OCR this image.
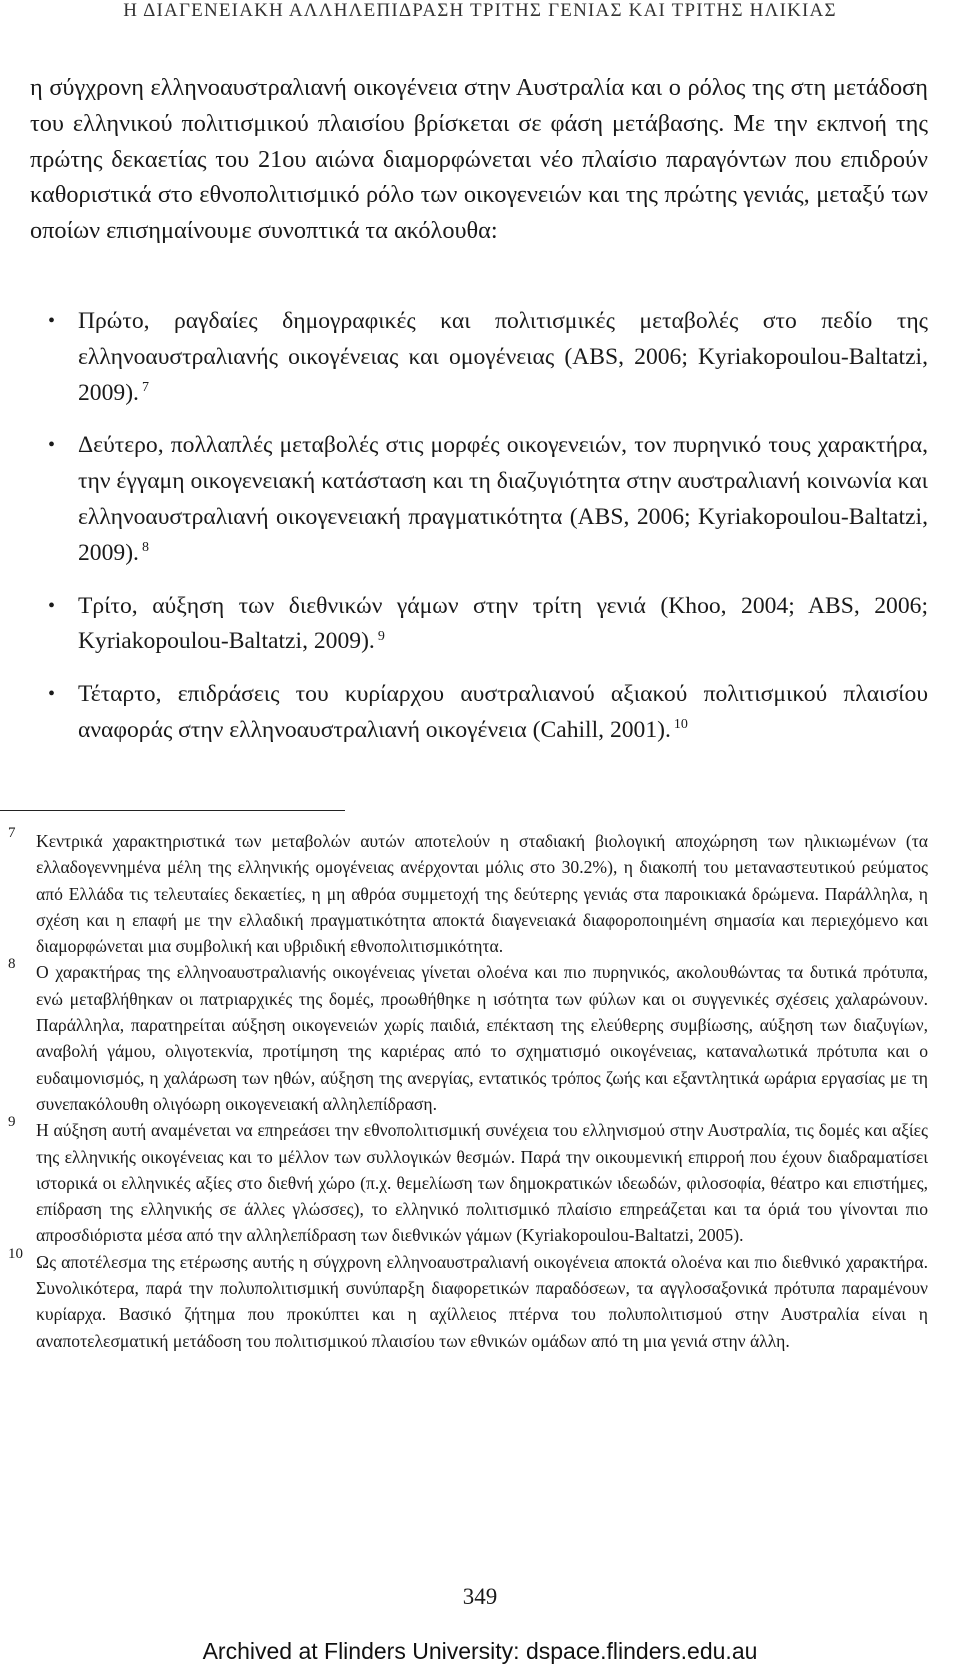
Η ΔΙΑΓΕΝΕΙΑΚΗ ΑΛΛΗΛΕΠΙΔΡΑΣΗ ΤΡΙΤΗΣ ΓΕΝΙΑΣ ΚΑΙ ΤΡΙΤΗΣ ΗΛΙΚΙΑΣ

η σύγχρονη ελληνοαυστραλιανή οικογένεια στην Αυστραλία και ο ρόλος της στη μετάδοση του ελληνικού πολιτισμικού πλαισίου βρίσκεται σε φάση μετάβασης. Με την εκπνοή της πρώτης δεκαετίας του 21ου αιώνα διαμορφώνεται νέο πλαίσιο παραγόντων που επιδρούν καθοριστικά στο εθνοπολιτισμικό ρόλο των οικογενειών και της πρώτης γενιάς, μεταξύ των οποίων επισημαίνουμε συνοπτικά τα ακόλουθα:

• Πρώτο, ραγδαίες δημογραφικές και πολιτισμικές μεταβολές στο πεδίο της ελληνοαυστραλιανής οικογένειας και ομογένειας (ABS, 2006; Kyriakopoulou-Baltatzi, 2009). $^7$
• Δεύτερο, πολλαπλές μεταβολές στις μορφές οικογενειών, τον πυρηνικό τους χαρακτήρα, την έγγαμη οικογενειακή κατάσταση και τη διαζυγιότητα στην αυστραλιανή κοινωνία και ελληνοαυστραλιανή οικογενειακή πραγματικότητα (ABS, 2006; Kyriakopoulou-Baltatzi, 2009). $^8$
• Τρίτο, αύξηση των διεθνικών γάμων στην τρίτη γενιά (Khoo, 2004; ABS, 2006; Kyriakopoulou-Baltatzi, 2009). $^9$
• Τέταρτο, επιδράσεις του κυρίαρχου αυστραλιανού αξιακού πολιτισμικού πλαισίου αναφοράς στην ελληνοαυστραλιανή οικογένεια (Cahill, 2001). $^{10}$
7 Κεντρικά χαρακτηριστικά των μεταβολών αυτών αποτελούν η σταδιακή βιολογική αποχώρηση των ηλικιωμένων (τα ελλαδογεννημένα μέλη της ελληνικής ομογένειας ανέρχονται μόλις στο 30.2%), η διακοπή του μεταναστευτικού ρεύματος από Ελλάδα τις τελευταίες δεκαετίες, η μη αθρόα συμμετοχή της δεύτερης γενιάς στα παροικιακά δρώμενα. Παράλληλα, η σχέση και η επαφή με την ελλαδική πραγματικότητα αποκτά διαγενειακά διαφοροποιημένη σημασία και περιεχόμενο και διαμορφώνεται μια συμβολική και υβριδική εθνοπολιτισμικότητα.
8 Ο χαρακτήρας της ελληνοαυστραλιανής οικογένειας γίνεται ολοένα και πιο πυρηνικός, ακολουθώντας τα δυτικά πρότυπα, ενώ μεταβλήθηκαν οι πατριαρχικές της δομές, προωθήθηκε η ισότητα των φύλων και οι συγγενικές σχέσεις χαλαρώνουν. Παράλληλα, παρατηρείται αύξηση οικογενειών χωρίς παιδιά, επέκταση της ελεύθερης συμβίωσης, αύξηση των διαζυγίων, αναβολή γάμου, ολιγοτεκνία, προτίμηση της καριέρας από το σχηματισμό οικογένειας, καταναλωτικά πρότυπα και ο ευδαιμονισμός, η χαλάρωση των ηθών, αύξηση της ανεργίας, εντατικός τρόπος ζωής και εξαντλητικά ωράρια εργασίας με τη συνεπακόλουθη ολιγόωρη οικογενειακή αλληλεπίδραση.
9 Η αύξηση αυτή αναμένεται να επηρεάσει την εθνοπολιτισμική συνέχεια του ελληνισμού στην Αυστραλία, τις δομές και αξίες της ελληνικής οικογένειας και το μέλλον των συλλογικών θεσμών. Παρά την οικουμενική επιρροή που έχουν διαδραματίσει ιστορικά οι ελληνικές αξίες στο διεθνή χώρο (π.χ. θεμελίωση των δημοκρατικών ιδεωδών, φιλοσοφία, θέατρο και επιστήμες, επίδραση της ελληνικής σε άλλες γλώσσες), το ελληνικό πολιτισμικό πλαίσιο επηρεάζεται και τα όριά του γίνονται πιο απροσδιόριστα μέσα από την αλληλεπίδραση των διεθνικών γάμων (Kyriakopoulou-Baltatzi, 2005).
10 Ως αποτέλεσμα της ετέρωσης αυτής η σύγχρονη ελληνοαυστραλιανή οικογένεια αποκτά ολοένα και πιο διεθνικό χαρακτήρα. Συνολικότερα, παρά την πολυπολιτισμική συνύπαρξη διαφορετικών παραδόσεων, τα αγγλοσαξονικά πρότυπα παραμένουν κυρίαρχα. Βασικό ζήτημα που προκύπτει και η αχίλλειος πτέρνα του πολυπολιτισμού στην Αυστραλία είναι η αναποτελεσματική μετάδοση του πολιτισμικού πλαισίου των εθνικών ομάδων από τη μια γενιά στην άλλη.
349
Archived at Flinders University: dspace.flinders.edu.au
